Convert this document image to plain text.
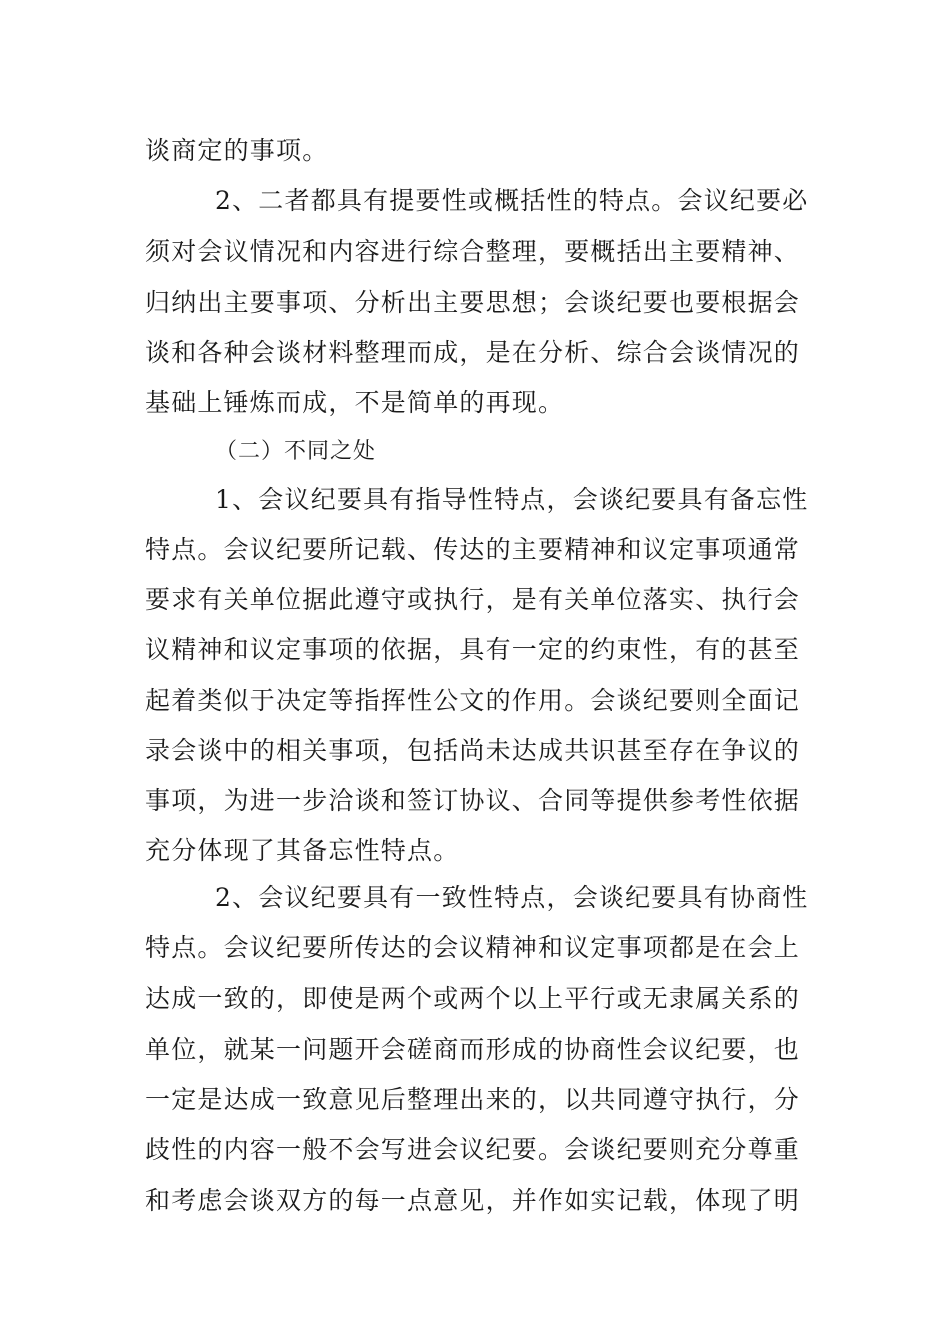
谈商定的事项。
2、二者都具有提要性或概括性的特点。会议纪要必
须对会议情况和内容进行综合整理，要概括出主要精神、
归纳出主要事项、分析出主要思想；会谈纪要也要根据会
谈和各种会谈材料整理而成，是在分析、综合会谈情况的
基础上锤炼而成，不是简单的再现。
（二）不同之处
1、会议纪要具有指导性特点，会谈纪要具有备忘性
特点。会议纪要所记载、传达的主要精神和议定事项通常
要求有关单位据此遵守或执行，是有关单位落实、执行会
议精神和议定事项的依据，具有一定的约束性，有的甚至
起着类似于决定等指挥性公文的作用。会谈纪要则全面记
录会谈中的相关事项，包括尚未达成共识甚至存在争议的
事项，为进一步洽谈和签订协议、合同等提供参考性依据
充分体现了其备忘性特点。
2、会议纪要具有一致性特点，会谈纪要具有协商性
特点。会议纪要所传达的会议精神和议定事项都是在会上
达成一致的，即使是两个或两个以上平行或无隶属关系的
单位，就某一问题开会磋商而形成的协商性会议纪要，也
一定是达成一致意见后整理出来的，以共同遵守执行，分
歧性的内容一般不会写进会议纪要。会谈纪要则充分尊重
和考虑会谈双方的每一点意见，并作如实记载，体现了明
